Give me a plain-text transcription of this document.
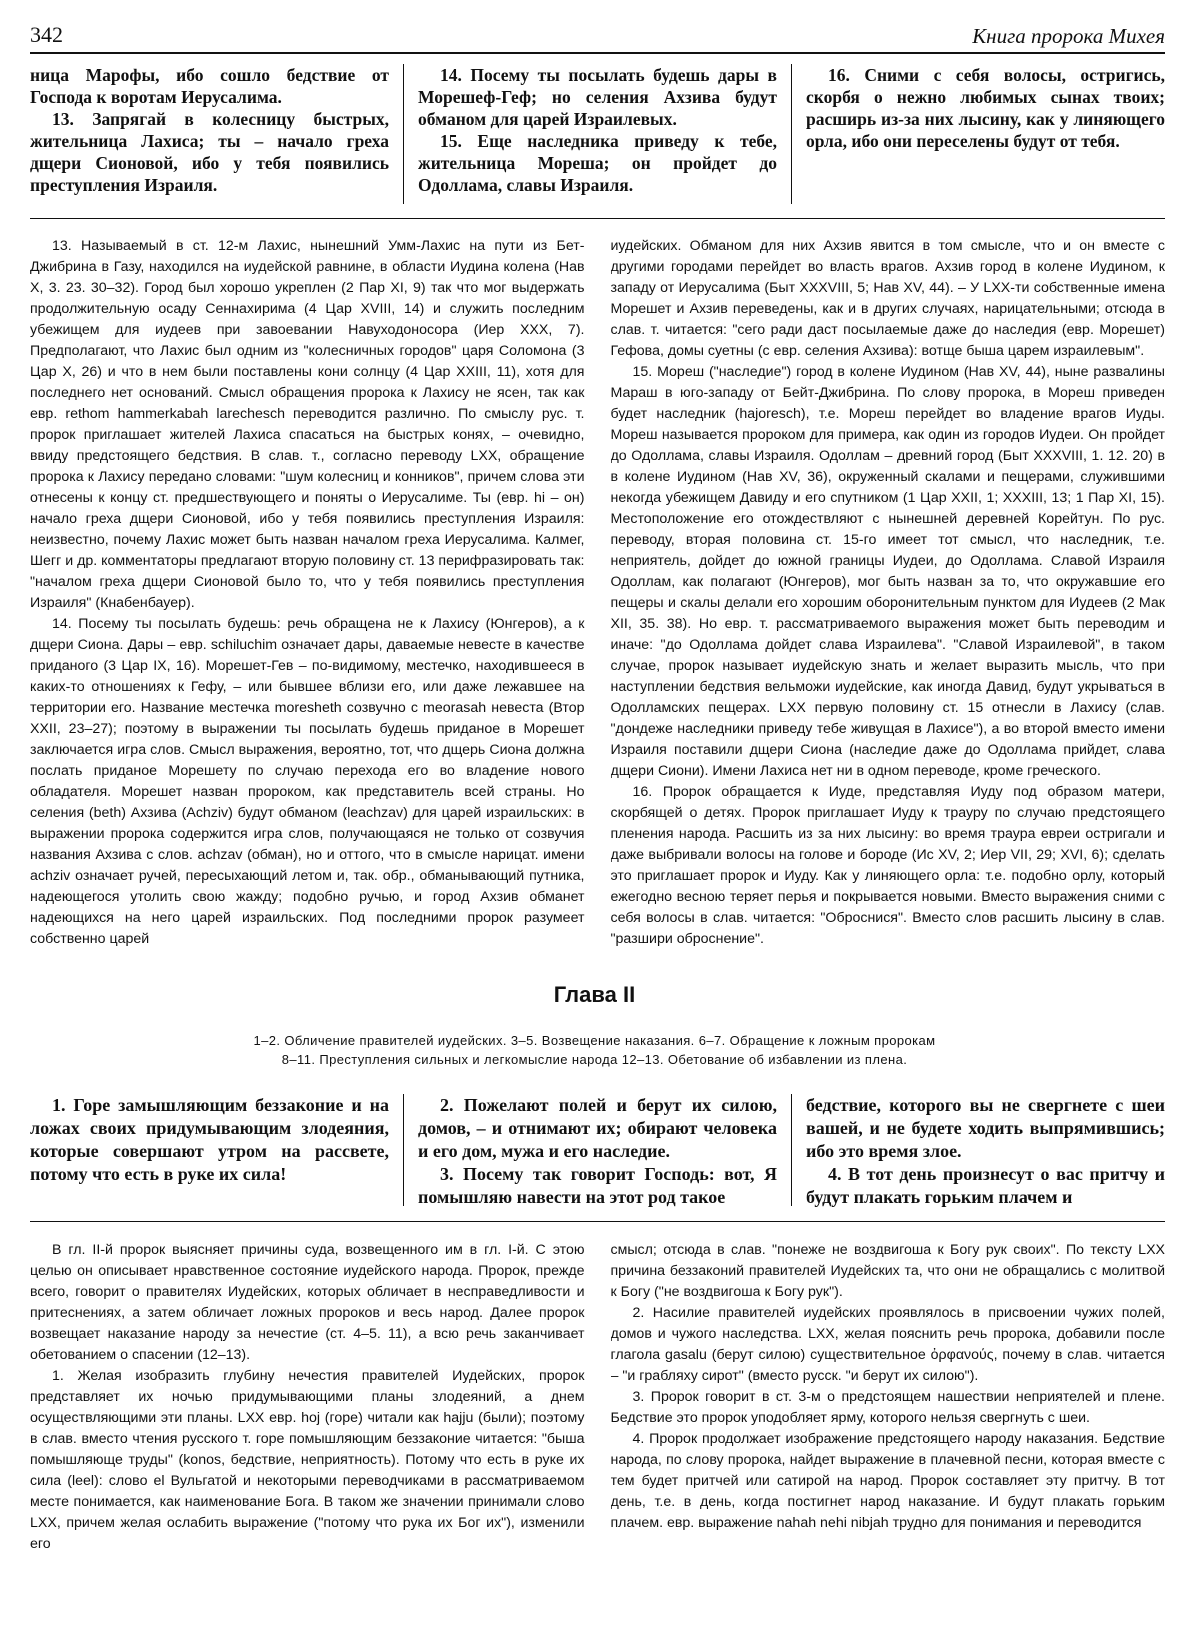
342	Книга пророка Михея

ница Марофы, ибо сошло бедствие от Господа к воротам Иерусалима.

13. Запрягай в колесницу быстрых, жительница Лахиса; ты – начало греха дщери Сионовой, ибо у тебя появились преступления Израиля.

14. Посему ты посылать будешь дары в Морешеф-Геф; но селения Ахзива будут обманом для царей Израилевых.

15. Еще наследника приведу к тебе, жительница Мореша; он пройдет до Одоллама, славы Израиля.

16. Сними с себя волосы, остригись, скорбя о нежно любимых сынах твоих; расширь из-за них лысину, как у линяющего орла, ибо они переселены будут от тебя.

13. Называемый в ст. 12-м Лахис, нынешний Умм-Лахис на пути из Бет-Джибрина в Газу, находился на иудейской равнине, в области Иудина колена (Нав X, 3. 23. 30–32). Город был хорошо укреплен (2 Пар XI, 9) так что мог выдержать продолжительную осаду Сеннахирима (4 Цар XVIII, 14) и служить последним убежищем для иудеев при завоевании Навуходоносора (Иер XXX, 7). Предполагают, что Лахис был одним из "колесничных городов" царя Соломона (3 Цар X, 26) и что в нем были поставлены кони солнцу (4 Цар XXIII, 11), хотя для последнего нет оснований. Смысл обращения пророка к Лахису не ясен, так как евр. rethom hammerkabah larechesch переводится различно. По смыслу рус. т. пророк приглашает жителей Лахиса спасаться на быстрых конях, – очевидно, ввиду предстоящего бедствия. В слав. т., согласно переводу LXX, обращение пророка к Лахису передано словами: "шум колесниц и конников", причем слова эти отнесены к концу ст. предшествующего и поняты о Иерусалиме. Ты (евр. hi – он) начало греха дщери Сионовой, ибо у тебя появились преступления Израиля: неизвестно, почему Лахис может быть назван началом греха Иерусалима. Калмег, Шегг и др. комментаторы предлагают вторую половину ст. 13 перифразировать так: "началом греха дщери Сионовой было то, что у тебя появились преступления Израиля" (Кнабенбауер).

14. Посему ты посылать будешь: речь обращена не к Лахису (Юнгеров), а к дщери Сиона. Дары – евр. schiluchim означает дары, даваемые невесте в качестве приданого (3 Цар IX, 16). Морешет-Гев – по-видимому, местечко, находившееся в каких-то отношениях к Гефу, – или бывшее вблизи его, или даже лежавшее на территории его. Название местечка moresheth созвучно с meorasah невеста (Втор XXII, 23–27); поэтому в выражении ты посылать будешь приданое в Морешет заключается игра слов. Смысл выражения, вероятно, тот, что дщерь Сиона должна послать приданое Морешету по случаю перехода его во владение нового обладателя. Морешет назван пророком, как представитель всей страны. Но селения (beth) Ахзива (Achziv) будут обманом (leachzav) для царей израильских: в выражении пророка содержится игра слов, получающаяся не только от созвучия названия Ахзива с слов. achzav (обман), но и оттого, что в смысле нарицат. имени achziv означает ручей, пересыхающий летом и, так. обр., обманывающий путника, надеющегося утолить свою жажду; подобно ручью, и город Ахзив обманет надеющихся на него царей израильских. Под последними пророк разумеет собственно царей

иудейских. Обманом для них Ахзив явится в том смысле, что и он вместе с другими городами перейдет во власть врагов. Ахзив город в колене Иудином, к западу от Иерусалима (Быт XXXVIII, 5; Нав XV, 44). – У LXX-ти собственные имена Морешет и Ахзив переведены, как и в других случаях, нарицательными; отсюда в слав. т. читается: "сего ради даст посылаемые даже до наследия (евр. Морешет) Гефова, домы суетны (с евр. селения Ахзива): вотще быша царем израилевым".

15. Мореш ("наследие") город в колене Иудином (Нав XV, 44), ныне развалины Мараш в юго-западу от Бейт-Джибрина. По слову пророка, в Мореш приведен будет наследник (hajoresch), т.е. Мореш перейдет во владение врагов Иуды. Мореш называется пророком для примера, как один из городов Иудеи. Он пройдет до Одоллама, славы Израиля. Одоллам – древний город (Быт XXXVIII, 1. 12. 20) в в колене Иудином (Нав XV, 36), окруженный скалами и пещерами, служившими некогда убежищем Давиду и его спутником (1 Цар XXII, 1; XXXIII, 13; 1 Пар XI, 15). Местоположение его отождествляют с нынешней деревней Корейтун. По рус. переводу, вторая половина ст. 15-го имеет тот смысл, что наследник, т.е. неприятель, дойдет до южной границы Иудеи, до Одоллама. Славой Израиля Одоллам, как полагают (Юнгеров), мог быть назван за то, что окружавшие его пещеры и скалы делали его хорошим оборонительным пунктом для Иудеев (2 Мак XII, 35. 38). Но евр. т. рассматриваемого выражения может быть переводим и иначе: "до Одоллама дойдет слава Израилева". "Славой Израилевой", в таком случае, пророк называет иудейскую знать и желает выразить мысль, что при наступлении бедствия вельможи иудейские, как иногда Давид, будут укрываться в Одолламских пещерах. LXX первую половину ст. 15 отнесли в Лахису (слав. "дондеже наследники приведу тебе живущая в Лахисе"), а во второй вместо имени Израиля поставили дщери Сиона (наследие даже до Одоллама прийдет, слава дщери Сиони). Имени Лахиса нет ни в одном переводе, кроме греческого.

16. Пророк обращается к Иуде, представляя Иуду под образом матери, скорбящей о детях. Пророк приглашает Иуду к трауру по случаю предстоящего пленения народа. Расшить из за них лысину: во время траура евреи остригали и даже выбривали волосы на голове и бороде (Ис XV, 2; Иер VII, 29; XVI, 6); сделать это приглашает пророк и Иуду. Как у линяющего орла: т.е. подобно орлу, который ежегодно весною теряет перья и покрывается новыми. Вместо выражения сними с себя волосы в слав. читается: "Обросниcя". Вместо слов расшить лысину в слав. "разшири оброснение".

Глава II
1–2. Обличение правителей иудейских. 3–5. Возвещение наказания. 6–7. Обращение к ложным пророкам
8–11. Преступления сильных и легкомыслие народа 12–13. Обетование об избавлении из плена.

1. Горе замышляющим беззаконие и на ложах своих придумывающим злодеяния, которые совершают утром на рассвете, потому что есть в руке их сила!

2. Пожелают полей и берут их силою, домов, – и отнимают их; обирают человека и его дом, мужа и его наследие.

3. Посему так говорит Господь: вот, Я помышляю навести на этот род такое

бедствие, которого вы не свергнете с шеи вашей, и не будете ходить выпрямившись; ибо это время злое.

4. В тот день произнесут о вас притчу и будут плакать горьким плачем и

В гл. II-й пророк выясняет причины суда, возвещенного им в гл. I-й. С этою целью он описывает нравственное состояние иудейского народа. Пророк, прежде всего, говорит о правителях Иудейских, которых обличает в несправедливости и притеснениях, а затем обличает ложных пророков и весь народ. Далее пророк возвещает наказание народу за нечестие (ст. 4–5. 11), а всю речь заканчивает обетованием о спасении (12–13).

1. Желая изобразить глубину нечестия правителей Иудейских, пророк представляет их ночью придумывающими планы злодеяний, а днем осуществляющими эти планы. LXX евр. hoj (горе) читали как hajju (были); поэтому в слав. вместо чтения русского т. горе помышляющим беззаконие читается: "быша помышляюще труды" (konos, бедствие, неприятность). Потому что есть в руке их сила (leel): слово el Вульгатой и некоторыми переводчиками в рассматриваемом месте понимается, как наименование Бога. В таком же значении принимали слово LXX, причем желая ослабить выражение ("потому что рука их Бог их"), изменили его

смысл; отсюда в слав. "понеже не воздвигоша к Богу рук своих". По тексту LXX причина беззаконий правителей Иудейских та, что они не обращались с молитвой к Богу ("не воздвигоша к Богу рук").

2. Насилие правителей иудейских проявлялось в присвоении чужих полей, домов и чужого наследства. LXX, желая пояснить речь пророка, добавили после глагола gasalu (берут силою) существительное ὀρφανούς, почему в слав. читается – "и грабляху сирот" (вместо русск. "и берут их силою").

3. Пророк говорит в ст. 3-м о предстоящем нашествии неприятелей и плене. Бедствие это пророк уподобляет ярму, которого нельзя свергнуть с шеи.

4. Пророк продолжает изображение предстоящего народу наказания. Бедствие народа, по слову пророка, найдет выражение в плачевной песни, которая вместе с тем будет притчей или сатирой на народ. Пророк составляет эту притчу. В тот день, т.е. в день, когда постигнет народ наказание. И будут плакать горьким плачем. евр. выражение nahah nehi nibjah трудно для понимания и переводится
